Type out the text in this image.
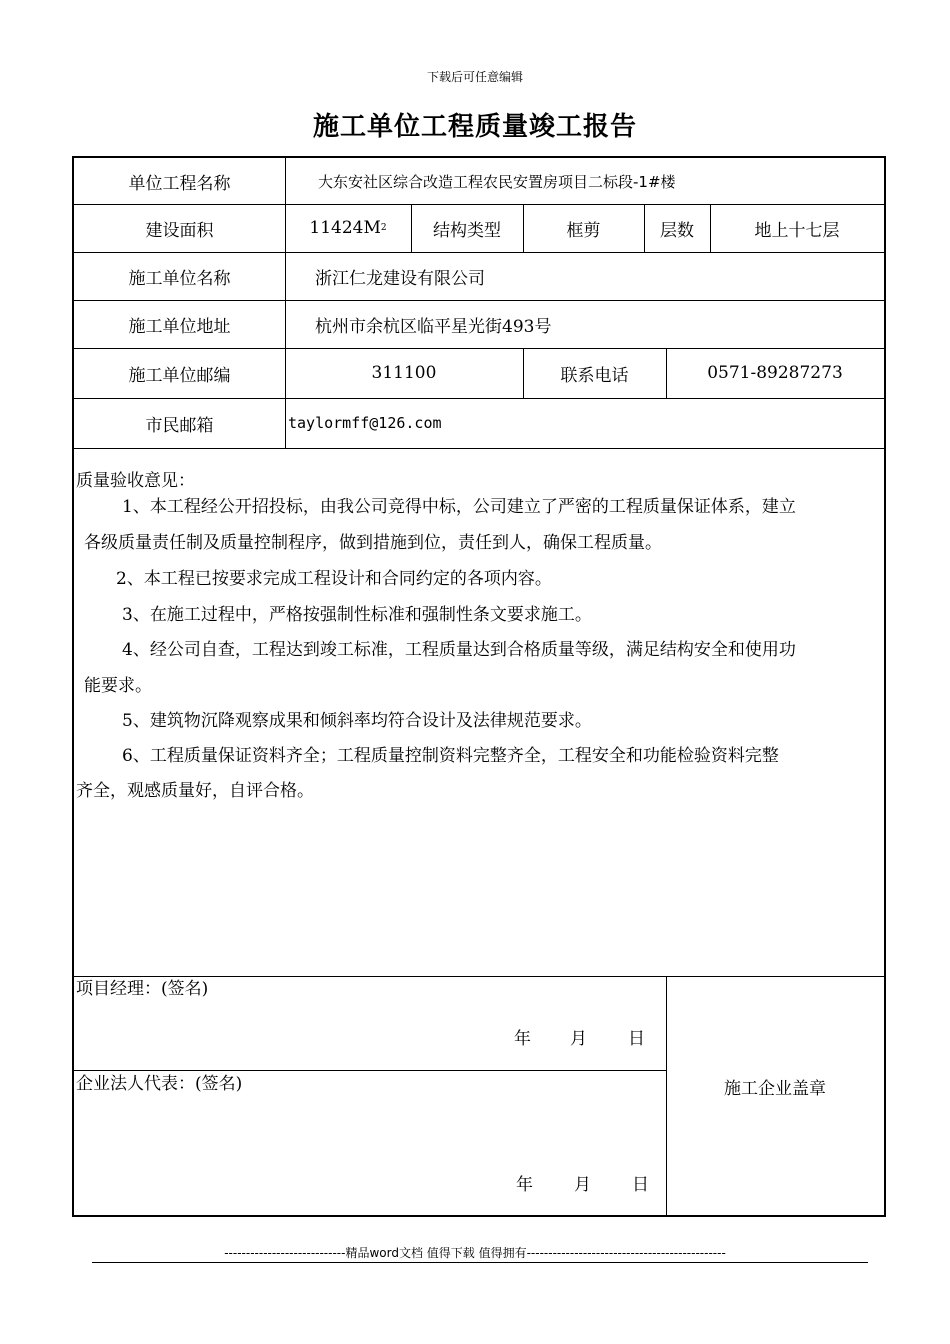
下载后可任意编辑
施工单位工程质量竣工报告
单位工程名称	大东安社区综合改造工程农民安置房项目二标段-1#楼
建设面积	11424M 2	结构类型	框剪	层数	地上十七层
施工单位名称	浙江仁龙建设有限公司
施工单位地址	杭州市余杭区临平星光街493号
施工单位邮编	311100	联系电话	0571-89287273
市民邮箱	taylormff@126.com
质量验收意见：
1、本工程经公开招投标，由我公司竞得中标，公司建立了严密的工程质量保证体系，建立
各级质量责任制及质量控制程序，做到措施到位，责任到人，确保工程质量。
2、本工程已按要求完成工程设计和合同约定的各项内容。
3、在施工过程中，严格按强制性标准和强制性条文要求施工。
4、经公司自查，工程达到竣工标准，工程质量达到合格质量等级，满足结构安全和使用功
能要求。
5、建筑物沉降观察成果和倾斜率均符合设计及法律规范要求。
6、工程质量保证资料齐全；工程质量控制资料完整齐全，工程安全和功能检验资料完整
齐全，观感质量好，自评合格。
项目经理：(签名)
年 月 日
企业法人代表：(签名)
年 月 日
施工企业盖章
----------------------------精品word文档 值得下载 值得拥有----------------------------------------------
